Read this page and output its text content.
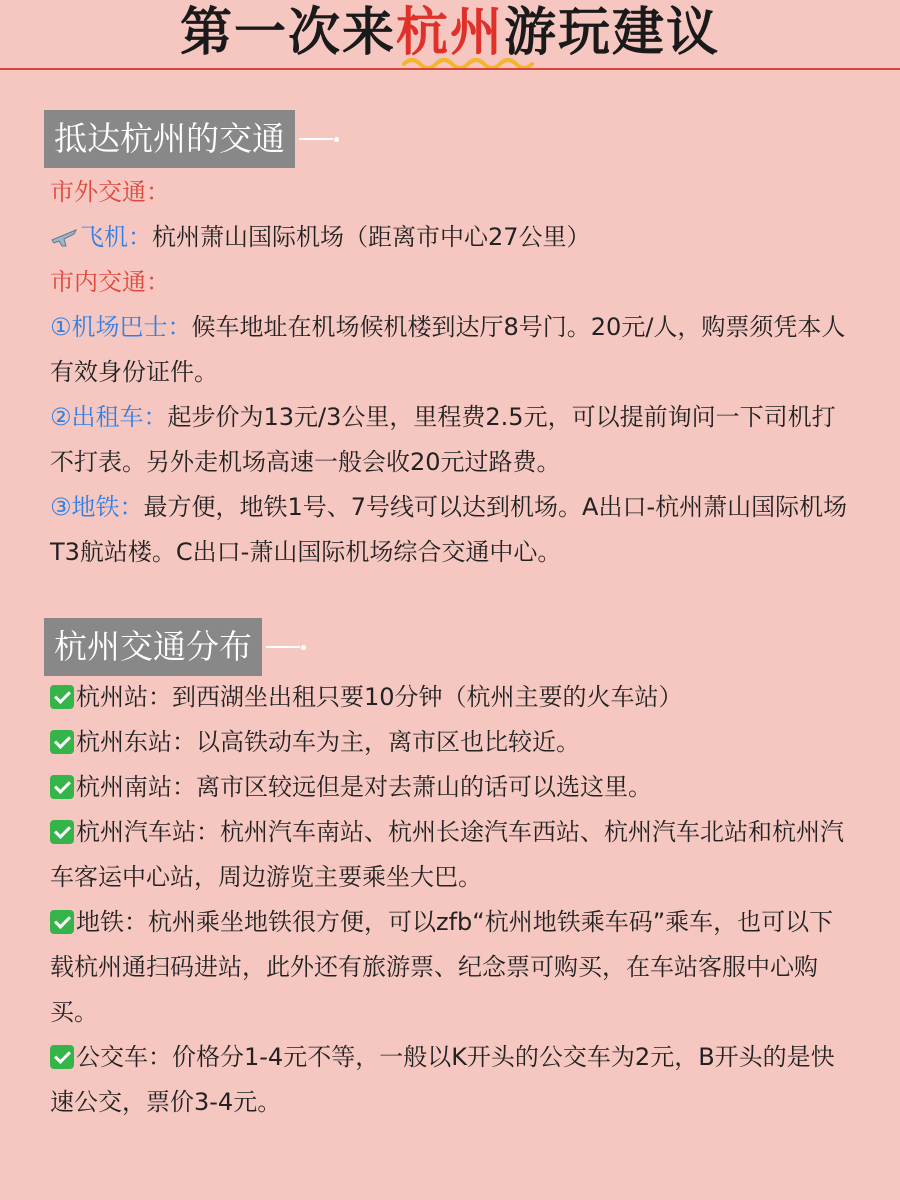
第一次来杭州游玩建议
抵达杭州的交通
市外交通：
飞机：杭州萧山国际机场（距离市中心27公里）
市内交通：
①机场巴士：候车地址在机场候机楼到达厅8号门。20元/人，购票须凭本人有效身份证件。
②出租车：起步价为13元/3公里，里程费2.5元，可以提前询问一下司机打不打表。另外走机场高速一般会收20元过路费。
③地铁：最方便，地铁1号、7号线可以达到机场。A出口-杭州萧山国际机场T3航站楼。C出口-萧山国际机场综合交通中心。
杭州交通分布
杭州站：到西湖坐出租只要10分钟（杭州主要的火车站）
杭州东站：以高铁动车为主，离市区也比较近。
杭州南站：离市区较远但是对去萧山的话可以选这里。
杭州汽车站：杭州汽车南站、杭州长途汽车西站、杭州汽车北站和杭州汽车客运中心站，周边游览主要乘坐大巴。
地铁：杭州乘坐地铁很方便，可以zfb“杭州地铁乘车码”乘车，也可以下载杭州通扫码进站，此外还有旅游票、纪念票可购买，在车站客服中心购买。
公交车：价格分1-4元不等，一般以K开头的公交车为2元，B开头的是快速公交，票价3-4元。
